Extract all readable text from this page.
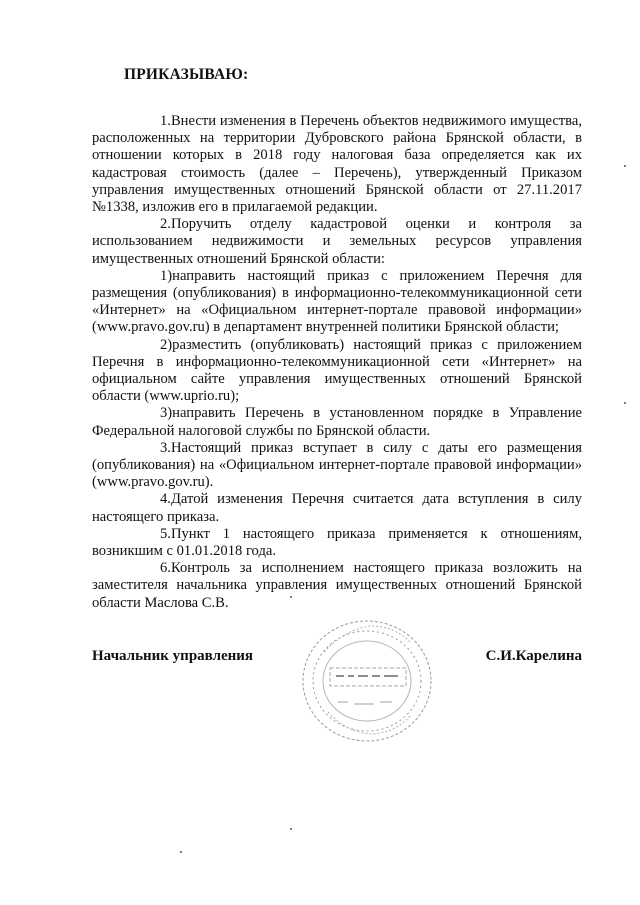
ПРИКАЗЫВАЮ:

1.Внести изменения в Перечень объектов недвижимого имущества, расположенных на территории Дубровского района Брянской области, в отношении которых в 2018 году налоговая база определяется как их кадастровая стоимость (далее – Перечень), утвержденный Приказом управления имущественных отношений Брянской области от 27.11.2017 №1338, изложив его в прилагаемой редакции.

2.Поручить отделу кадастровой оценки и контроля за использованием недвижимости и земельных ресурсов управления имущественных отношений Брянской области:

1)направить настоящий приказ с приложением Перечня для размещения (опубликования) в информационно-телекоммуникационной сети «Интернет» на «Официальном интернет-портале правовой информации» (www.pravo.gov.ru) в департамент внутренней политики Брянской области;

2)разместить (опубликовать) настоящий приказ с приложением Перечня в информационно-телекоммуникационной сети «Интернет» на официальном сайте управления имущественных отношений Брянской области (www.uprio.ru);

3)направить Перечень в установленном порядке в Управление Федеральной налоговой службы по Брянской области.

3.Настоящий приказ вступает в силу с даты его размещения (опубликования) на «Официальном интернет-портале правовой информации» (www.pravo.gov.ru).

4.Датой изменения Перечня считается дата вступления в силу настоящего приказа.

5.Пункт 1 настоящего приказа применяется к отношениям, возникшим с 01.01.2018 года.

6.Контроль за исполнением настоящего приказа возложить на заместителя начальника управления имущественных отношений Брянской области Маслова С.В.

Начальник управления	С.И.Карелина
